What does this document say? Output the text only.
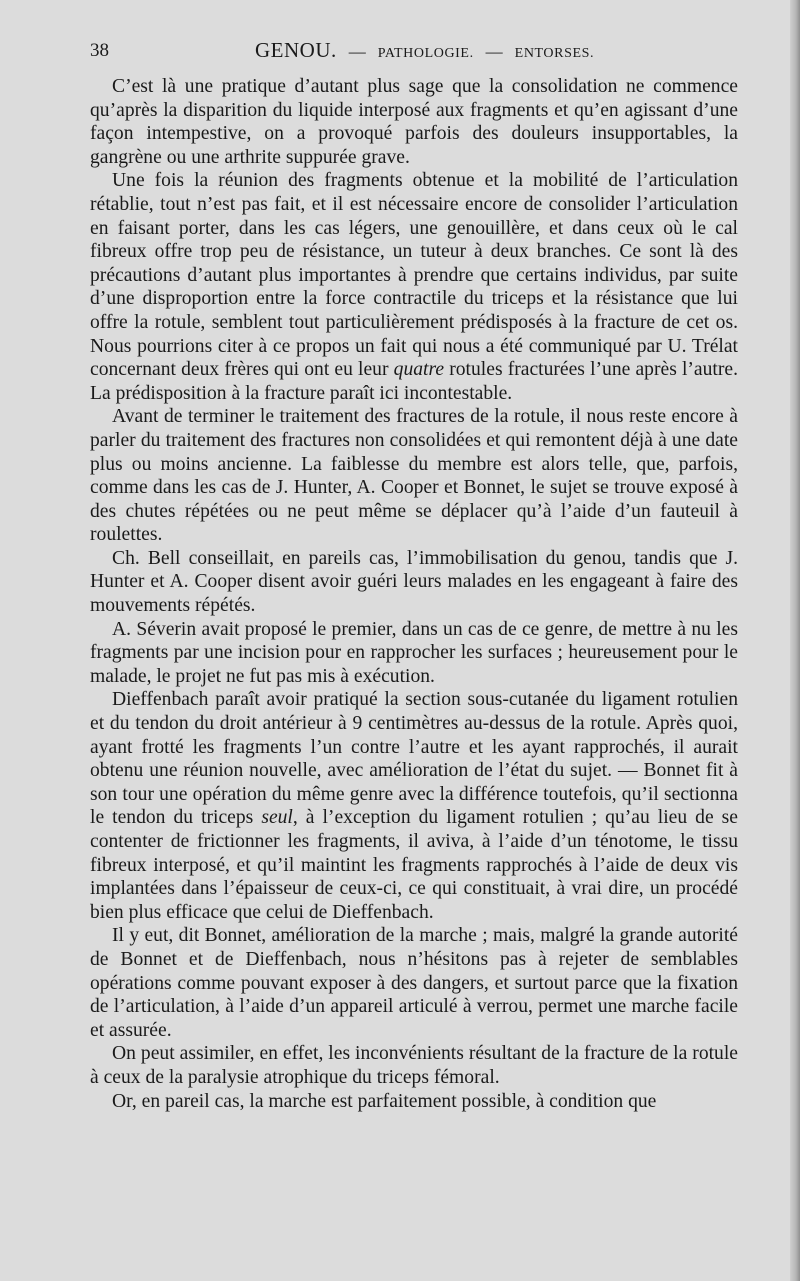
38	GENOU. — PATHOLOGIE. — ENTORSES.

C’est là une pratique d’autant plus sage que la consolidation ne commence qu’après la disparition du liquide interposé aux fragments et qu’en agissant d’une façon intempestive, on a provoqué parfois des douleurs insupportables, la gangrène ou une arthrite suppurée grave.

Une fois la réunion des fragments obtenue et la mobilité de l’articulation rétablie, tout n’est pas fait, et il est nécessaire encore de consolider l’articulation en faisant porter, dans les cas légers, une genouillère, et dans ceux où le cal fibreux offre trop peu de résistance, un tuteur à deux branches. Ce sont là des précautions d’autant plus importantes à prendre que certains individus, par suite d’une disproportion entre la force contractile du triceps et la résistance que lui offre la rotule, semblent tout particulièrement prédisposés à la fracture de cet os. Nous pourrions citer à ce propos un fait qui nous a été communiqué par U. Trélat concernant deux frères qui ont eu leur quatre rotules fracturées l’une après l’autre. La prédisposition à la fracture paraît ici incontestable.

Avant de terminer le traitement des fractures de la rotule, il nous reste encore à parler du traitement des fractures non consolidées et qui remontent déjà à une date plus ou moins ancienne. La faiblesse du membre est alors telle, que, parfois, comme dans les cas de J. Hunter, A. Cooper et Bonnet, le sujet se trouve exposé à des chutes répétées ou ne peut même se déplacer qu’à l’aide d’un fauteuil à roulettes.

Ch. Bell conseillait, en pareils cas, l’immobilisation du genou, tandis que J. Hunter et A. Cooper disent avoir guéri leurs malades en les engageant à faire des mouvements répétés.

A. Séverin avait proposé le premier, dans un cas de ce genre, de mettre à nu les fragments par une incision pour en rapprocher les surfaces ; heureusement pour le malade, le projet ne fut pas mis à exécution.

Dieffenbach paraît avoir pratiqué la section sous-cutanée du ligament rotulien et du tendon du droit antérieur à 9 centimètres au-dessus de la rotule. Après quoi, ayant frotté les fragments l’un contre l’autre et les ayant rapprochés, il aurait obtenu une réunion nouvelle, avec amélioration de l’état du sujet. — Bonnet fit à son tour une opération du même genre avec la différence toutefois, qu’il sectionna le tendon du triceps seul, à l’exception du ligament rotulien ; qu’au lieu de se contenter de frictionner les fragments, il aviva, à l’aide d’un ténotome, le tissu fibreux interposé, et qu’il maintint les fragments rapprochés à l’aide de deux vis implantées dans l’épaisseur de ceux-ci, ce qui constituait, à vrai dire, un procédé bien plus efficace que celui de Dieffenbach.

Il y eut, dit Bonnet, amélioration de la marche ; mais, malgré la grande autorité de Bonnet et de Dieffenbach, nous n’hésitons pas à rejeter de semblables opérations comme pouvant exposer à des dangers, et surtout parce que la fixation de l’articulation, à l’aide d’un appareil articulé à verrou, permet une marche facile et assurée.

On peut assimiler, en effet, les inconvénients résultant de la fracture de la rotule à ceux de la paralysie atrophique du triceps fémoral.

Or, en pareil cas, la marche est parfaitement possible, à condition que
